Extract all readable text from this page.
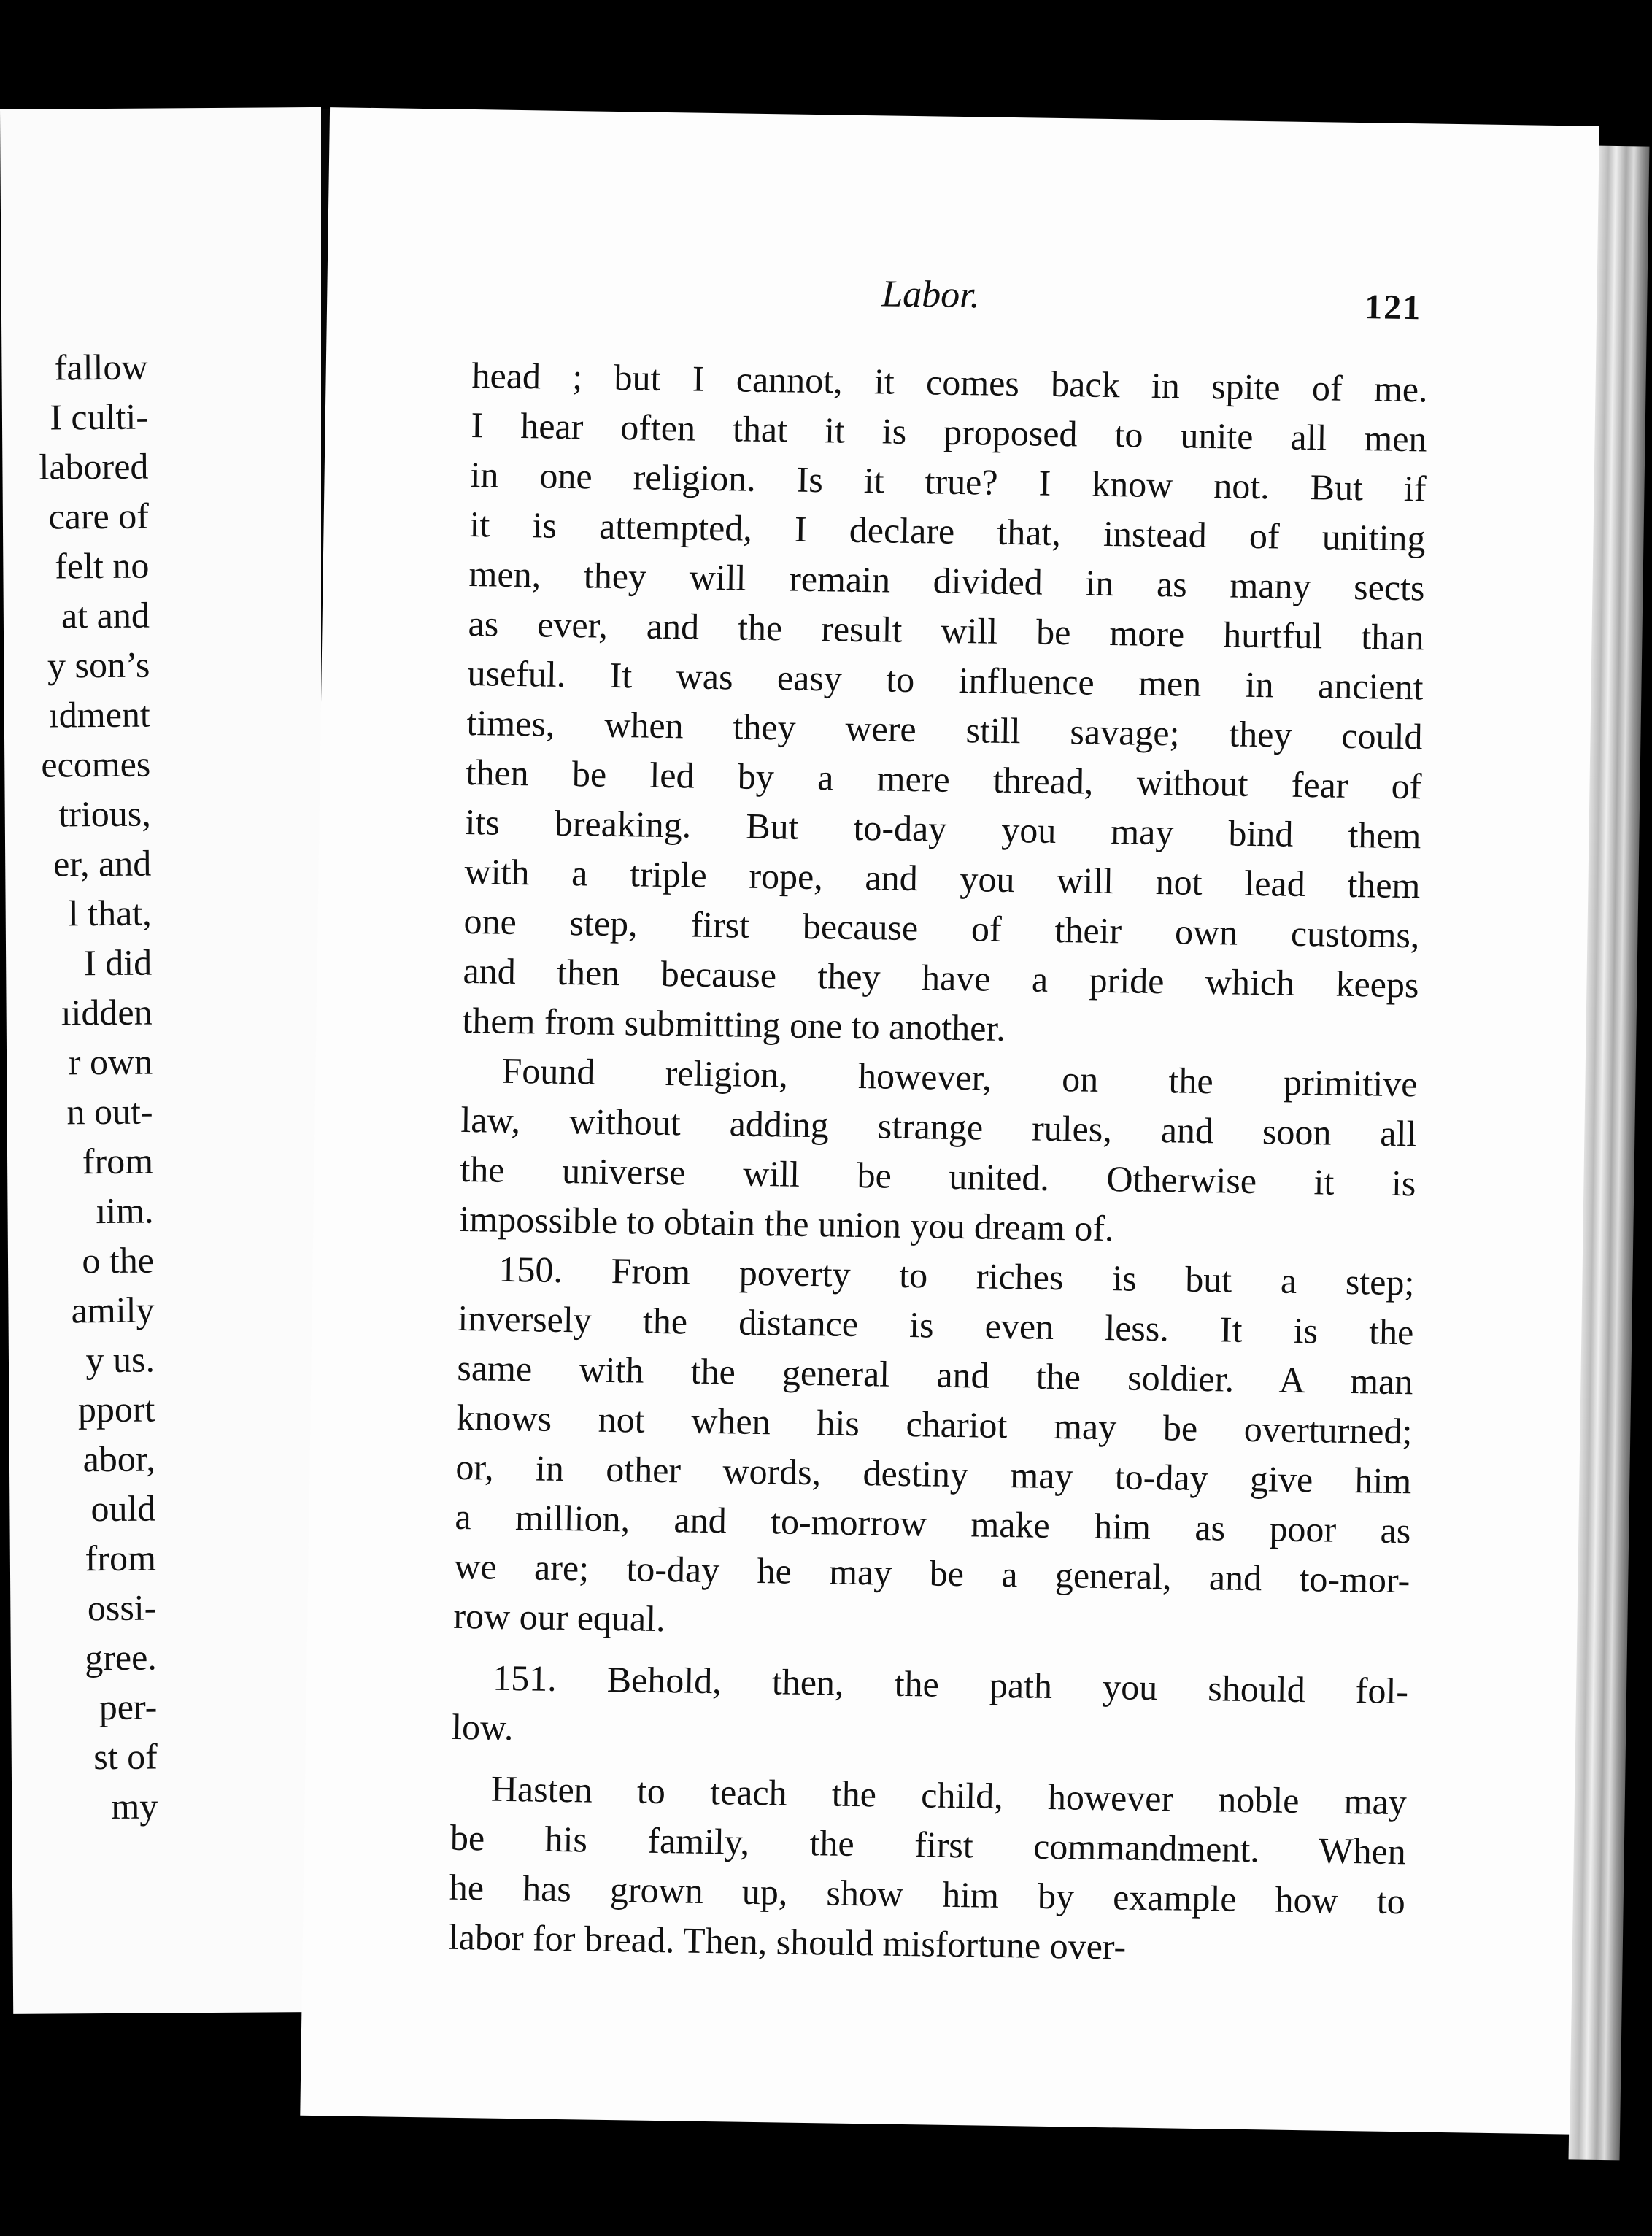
fallow
I culti-
labored
care of
felt no
at and
y son’s

ıdment
ecomes
trious,
er, and
l that,
I did
ıidden
r own
n out-
from
ıim.
o the
amily
y us.
pport

abor,
ould
from
ossi-
gree.
per-
st of
my
Labor.	121
head ; but I cannot, it comes back in spite of me.
I hear often that it is proposed to unite all men
in one religion. Is it true? I know not. But if
it is attempted, I declare that, instead of uniting
men, they will remain divided in as many sects
as ever, and the result will be more hurtful than
useful. It was easy to influence men in ancient
times, when they were still savage; they could
then be led by a mere thread, without fear of
its breaking. But to-day you may bind them
with a triple rope, and you will not lead them
one step, first because of their own customs,
and then because they have a pride which keeps
them from submitting one to another.
Found religion, however, on the primitive
law, without adding strange rules, and soon all
the universe will be united. Otherwise it is
impossible to obtain the union you dream of.
150. From poverty to riches is but a step;
inversely the distance is even less. It is the
same with the general and the soldier. A man
knows not when his chariot may be overturned;
or, in other words, destiny may to-day give him
a million, and to-morrow make him as poor as
we are; to-day he may be a general, and to-mor-
row our equal.
151. Behold, then, the path you should fol-
low.
Hasten to teach the child, however noble may
be his family, the first commandment. When
he has grown up, show him by example how to
labor for bread. Then, should misfortune over-
